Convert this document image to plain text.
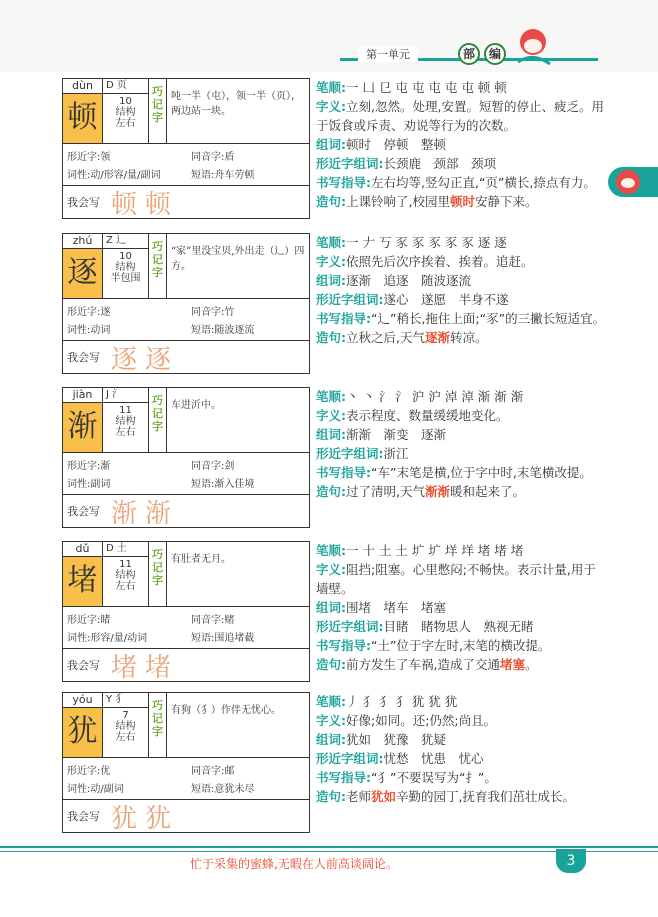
第一单元	部	编
dùn
顿
D 页
10
结构
左右
巧记字
吨一半（屯），领一半（页），两边站一块。
形近字:领	同音字:盾
词性:动/形容/量/副词	短语:舟车劳顿
我会写 顿顿
笔顺:一 凵 㔾 屯 屯 屯 屯 屯 顿 顿
字义:立刻,忽然。处理,安置。短暂的停止、疲乏。用于饭食或斥责、劝说等行为的次数。
组词:顿时　停顿　整顿
形近字组词:长颈鹿　颈部　颈项
书写指导:左右均等,竖勾正直,“页”横长,捺点有力。
造句:上课铃响了,校园里顿时安静下来。
zhú
逐
Z 辶
10
结构
半包围
巧记字
“家”里没宝贝,外出走（辶）四方。
形近字:遂	同音字:竹
词性:动词	短语:随波逐流
我会写 逐逐
笔顺:一 𠂇 丂 豕 豕 豕 豕 豕 逐 逐
字义:依照先后次序挨着、挨着。追赶。
组词:逐渐　追逐　随波逐流
形近字组词:遂心　遂愿　半身不遂
书写指导:“辶”稍长,拖住上面;“豕”的三撇长短适宜。
造句:立秋之后,天气逐渐转凉。
jiàn
渐
J 氵
11
结构
左右
巧记字
车进沂中。
形近字:渐	同音字:剑
词性:副词	短语:渐入佳境
我会写 渐渐
笔顺:丶 丶 氵 氵 沪 沪 淖 淖 渐 渐 渐
字义:表示程度、数量缓缓地变化。
组词:渐渐　渐变　逐渐
形近字组词:浙江
书写指导:“车”末笔是横,位于字中时,末笔横改提。
造句:过了清明,天气渐渐暖和起来了。
dǔ
堵
D 土
11
结构
左右
巧记字
有肚者无月。
形近字:睹	同音字:赌
词性:形容/量/动词	短语:围追堵截
我会写 堵堵
笔顺:一 十 土 土 圹 圹 垟 垟 堵 堵 堵
字义:阻挡;阻塞。心里憋闷;不畅快。表示计量,用于墙壁。
组词:围堵　堵车　堵塞
形近字组词:目睹　睹物思人　熟视无睹
书写指导:“土”位于字左时,末笔的横改提。
造句:前方发生了车祸,造成了交通堵塞。
yóu
犹
Y 犭
7
结构
左右
巧记字
有狗（犭）作伴无忧心。
形近字:优	同音字:邮
词性:动/副词	短语:意犹未尽
我会写 犹犹
笔顺:丿 犭 犭 犭 犹 犹 犹
字义:好像;如同。还;仍然;尚且。
组词:犹如　犹豫　犹疑
形近字组词:忧愁　忧患　忧心
书写指导:“犭”不要误写为“扌”。
造句:老师犹如辛勤的园丁,抚育我们茁壮成长。
忙于采集的蜜蜂,无暇在人前高谈阔论。	3
